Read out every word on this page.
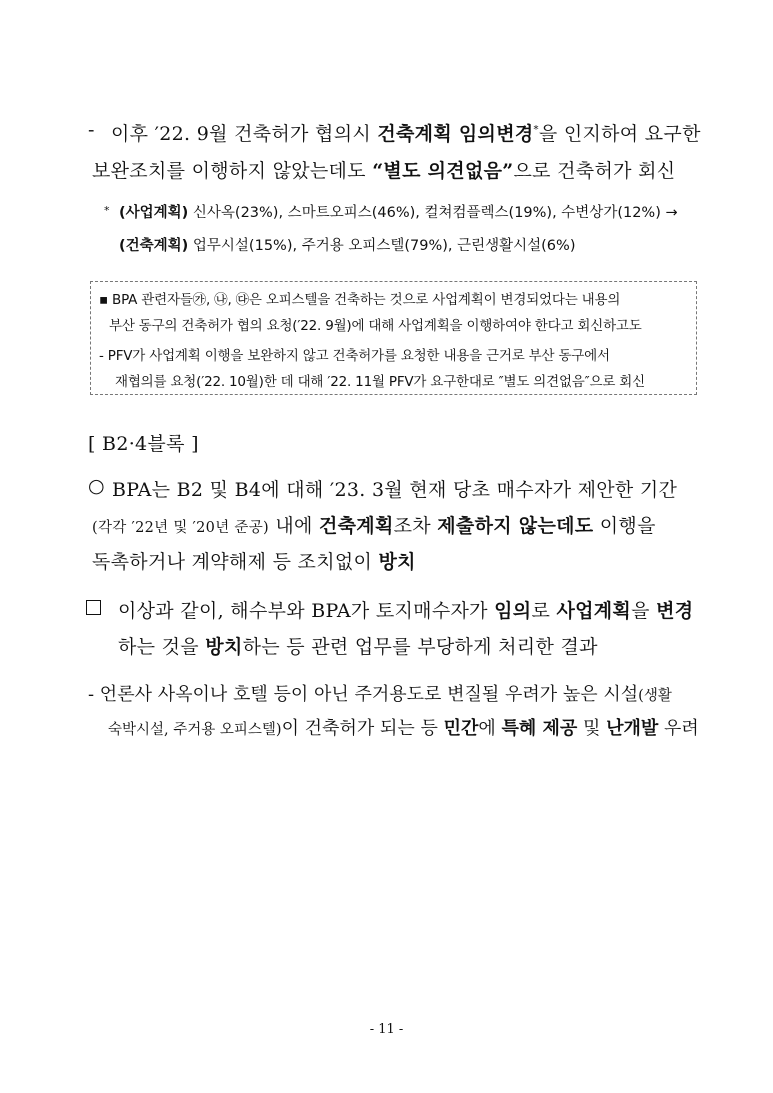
- 이후 ′22. 9월 건축허가 협의시 건축계획 임의변경*을 인지하여 요구한
보완조치를 이행하지 않았는데도 “별도 의견없음”으로 건축허가 회신
* (사업계획) 신사옥(23%), 스마트오피스(46%), 컬쳐컴플렉스(19%), 수변상가(12%) →
(건축계획) 업무시설(15%), 주거용 오피스텔(79%), 근린생활시설(6%)
▪ BPA 관련자들㉮, ㉯, ㉰은 오피스텔을 건축하는 것으로 사업계획이 변경되었다는 내용의
부산 동구의 건축허가 협의 요청(′22. 9월)에 대해 사업계획을 이행하여야 한다고 회신하고도
- PFV가 사업계획 이행을 보완하지 않고 건축허가를 요청한 내용을 근거로 부산 동구에서
재협의를 요청(′22. 10월)한 데 대해 ′22. 11월 PFV가 요구한대로 ″별도 의견없음″으로 회신
[ B2·4블록 ]
○ BPA는 B2 및 B4에 대해 ′23. 3월 현재 당초 매수자가 제안한 기간
(각각 ′22년 및 ′20년 준공) 내에 건축계획조차 제출하지 않는데도 이행을
독촉하거나 계약해제 등 조치없이 방치
이상과 같이, 해수부와 BPA가 토지매수자가 임의로 사업계획을 변경
하는 것을 방치하는 등 관련 업무를 부당하게 처리한 결과
- 언론사 사옥이나 호텔 등이 아닌 주거용도로 변질될 우려가 높은 시설(생활
숙박시설, 주거용 오피스텔)이 건축허가 되는 등 민간에 특혜 제공 및 난개발 우려
- 11 -
